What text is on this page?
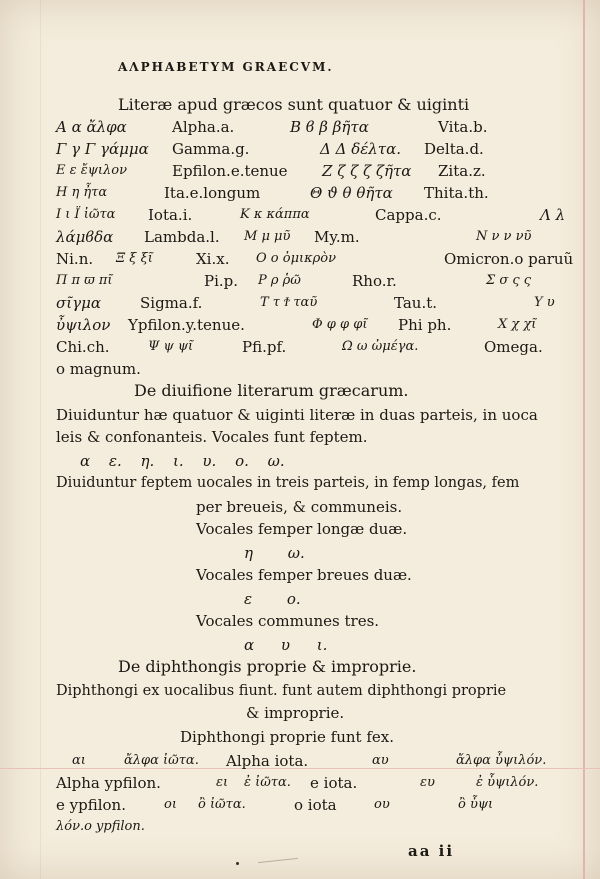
ΑΛΡΗΑΒΕΤΥΜ GRAECVM.
Literæ apud græcos sunt quatuor & uiginti
Α α ἄλφα	Alpha.a.	Β ϐ β βῆτα	Vita.b.
Γ γ Γ γάμμα Gamma.g.	Δ Δ δέλτα. Delta.d.
Ε ε ἔψιλον	Epfilon.e.tenue Ζ ζ ζ ζ ζῆτα Zita.z.
Η η ἦτα	Ita.e.longum	Θ ϑ θ θῆτα Thita.th.
Ι ι Ϊ ἰῶτα Iota.i.	Κ κ κάππα	Cappa.c.	Λ λ
λάμϐδα Lambda.l. Μ μ μῦ My.m.	Ν ν ν νῦ
Ni.n. Ξ ξ ξῖ	Xi.x. Ο ο ὀμικρὸν	Omicron.o paruũ
Π π ϖ πῖ	Pi.p. Ρ ρ ῥῶ	Rho.r.	Σ σ ς ς
σῖγμα	Sigma.f.	Τ τ Ϯ ταῦ	Tau.t.	Υ υ
ὖψιλον Ypfilon.y.tenue.	Φ φ φ φῖ Phi ph.	Χ χ χῖ
Chi.ch.	Ψ ψ ψῖ	Pfi.pf.	Ω ω ὠμέγα.	Omega.
o magnum.
De diuifione literarum græcarum.
Diuiduntur hæ quatuor & uiginti literæ in duas parteis, in uoca
leis & confonanteis. Vocales funt feptem.
α ε. η. ι. υ. ο. ω.
Diuiduntur feptem uocales in treis parteis, in femp longas, fem
per breueis, & communeis.
Vocales femper longæ duæ.
η ω.
Vocales femper breues duæ.
ε ο.
Vocales communes tres.
α υ ι.
De diphthongis proprie & improprie.
Diphthongi ex uocalibus fiunt. funt autem diphthongi proprie
& improprie.
Diphthongi proprie funt fex.
αι	ἄλφα ἰῶτα. Alpha iota.	αυ	ἄλφα ὖψιλόν.
Alpha ypfilon.	ει ἐ ἰῶτα. e iota.	ευ	ἐ ὖψιλόν.
e ypfilon.	οι ὂ ἰῶτα.	o iota	ου	ὂ ὖψι
λόν.o ypfilon.
aa ii
